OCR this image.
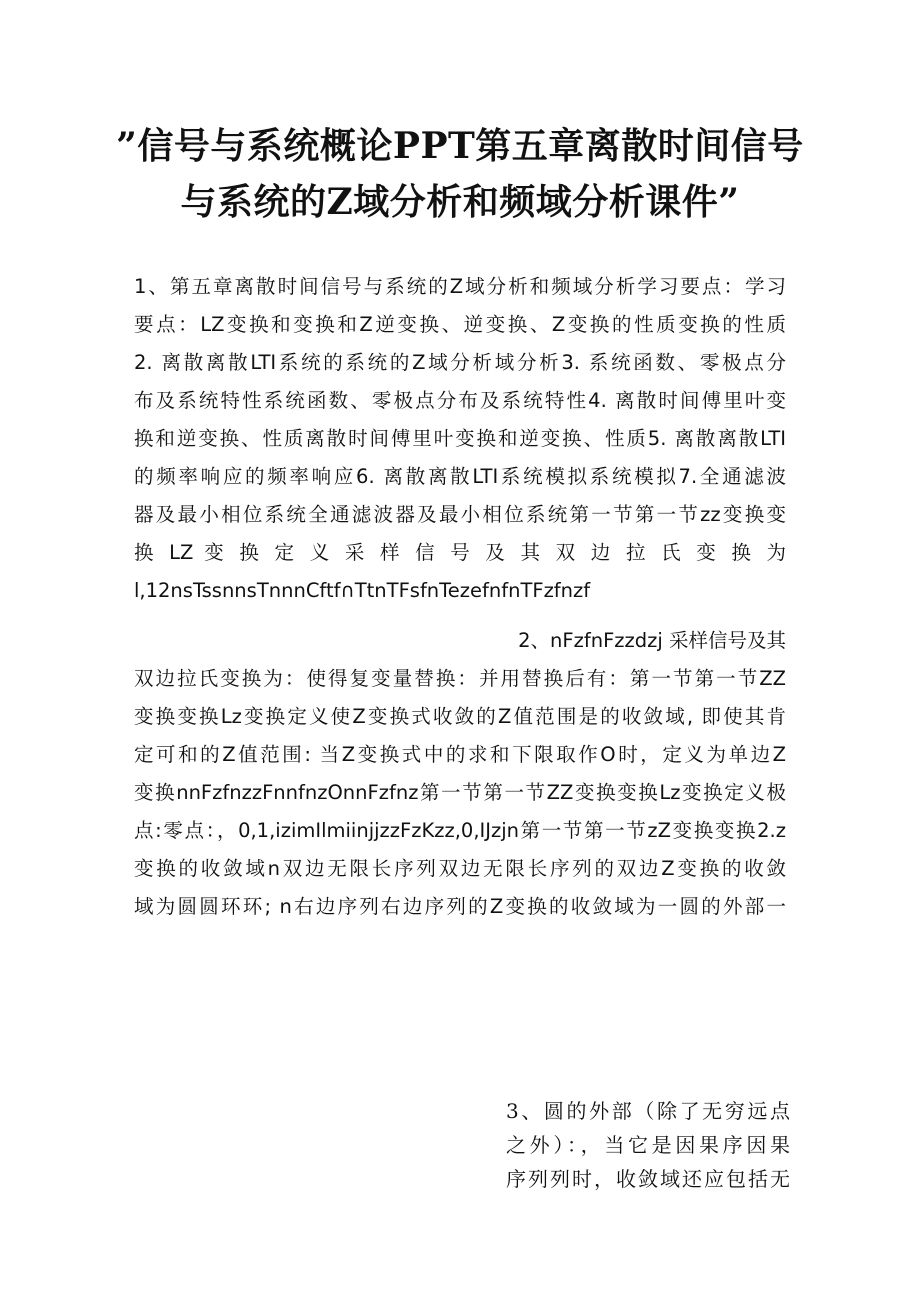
”信号与系统概论PPT第五章离散时间信号
与系统的Z域分析和频域分析课件”
1、第五章离散时间信号与系统的Z域分析和频域分析学习要点：学习
要点：LZ变换和变换和Z逆变换、逆变换、Z变换的性质变换的性质
2. 离散离散LTI系统的系统的Z域分析域分析3. 系统函数、零极点分
布及系统特性系统函数、零极点分布及系统特性4. 离散时间傅里叶变
换和逆变换、性质离散时间傅里叶变换和逆变换、性质5. 离散离散LTI
的频率响应的频率响应6. 离散离散LTI系统模拟系统模拟7.全通滤波
器及最小相位系统全通滤波器及最小相位系统第一节第一节zz变换变
换 LZ 变 换 定 义 采 样 信 号 及 其 双 边 拉 氏 变 换 为
l,12nsTssnnsTnnnCftf∩TtnTFsfnTezefnfnTFzfnzf
2、nFzfnFzzdzj 采样信号及其
双边拉氏变换为：使得复变量替换：并用替换后有：第一节第一节ZZ
变换变换Lz变换定义使Z变换式收敛的Z值范围是的收敛域, 即使其肯
定可和的Z值范围: 当Z变换式中的求和下限取作O时，定义为单边Z
变换nnFzfnzzFnnfnzOnnFzfnz第一节第一节ZZ变换变换Lz变换定义极
点:零点：，0,1,izimIlmiinjjzzFzKzz,0,IJzjn第一节第一节zZ变换变换2.z
变换的收敛域n双边无限长序列双边无限长序列的双边Z变换的收敛
域为圆圆环环; n右边序列右边序列的Z变换的收敛域为一圆的外部一
3、圆的外部（除了无穷远点
之外）：，当它是因果序因果
序列列时，收敛域还应包括无
